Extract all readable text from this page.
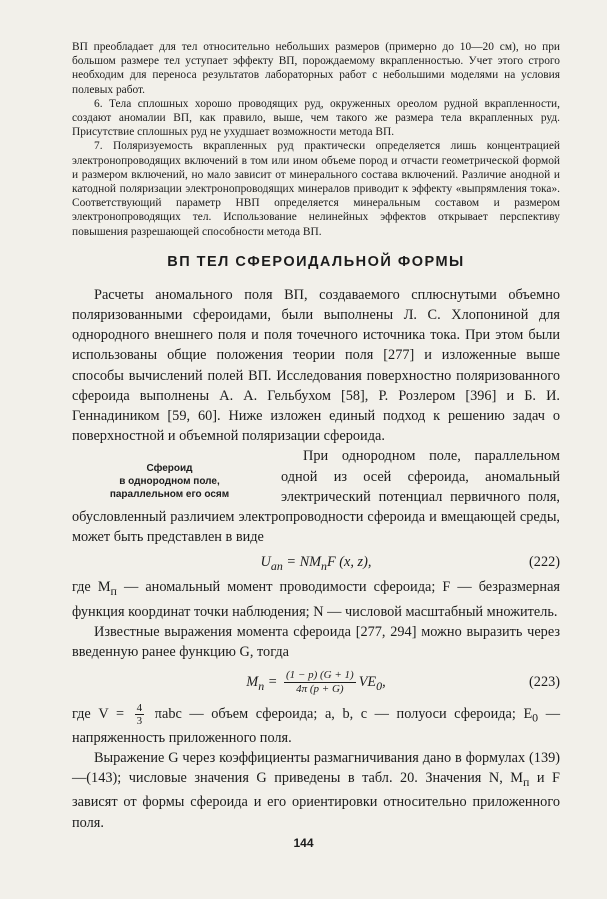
ВП преобладает для тел относительно небольших размеров (примерно до 10—20 см), но при большом размере тел уступает эффекту ВП, порождаемому вкрапленностью. Учет этого строго необходим для переноса результатов лабораторных работ с небольшими моделями на условия полевых работ.

6. Тела сплошных хорошо проводящих руд, окруженных ореолом рудной вкрапленности, создают аномалии ВП, как правило, выше, чем такого же размера тела вкрапленных руд. Присутствие сплошных руд не ухудшает возможности метода ВП.

7. Поляризуемость вкрапленных руд практически определяется лишь концентрацией электронопроводящих включений в том или ином объеме пород и отчасти геометрической формой и размером включений, но мало зависит от минерального состава включений. Различие анодной и катодной поляризации электронопроводящих минералов приводит к эффекту «выпрямления тока». Соответствующий параметр НВП определяется минеральным составом и размером электронопроводящих тел. Использование нелинейных эффектов открывает перспективу повышения разрешающей способности метода ВП.

ВП ТЕЛ СФЕРОИДАЛЬНОЙ ФОРМЫ

Расчеты аномального поля ВП, создаваемого сплюснутыми объемно поляризованными сфероидами, были выполнены Л. С. Хлопониной для однородного внешнего поля и поля точечного источника тока. При этом были использованы общие положения теории поля [277] и изложенные выше способы вычислений полей ВП. Исследования поверхностно поляризованного сфероида выполнены А. А. Гельбухом [58], Р. Розлером [396] и Б. И. Геннадиником [59, 60]. Ниже изложен единый подход к решению задач о поверхностной и объемной поляризации сфероида.

Сфероид
в однородном поле,
параллельном его осям

При однородном поле, параллельном одной из осей сфероида, аномальный электрический потенциал первичного поля, обусловленный различием электропроводности сфероида и вмещающей среды, может быть представлен в виде

$U_{ап} = NM_пF$ (x, z),	(222)

где $M_п$ — аномальный момент проводимости сфероида; F — безразмерная функция координат точки наблюдения; N — числовой масштабный множитель.

Известные выражения момента сфероида [277, 294] можно выразить через введенную ранее функцию G, тогда

$M_п = \frac{(1 - p) (G + 1)}{4\pi (p + G)} VE_0$,	(223)

где $V = \frac{4}{3}$ πabc — объем сфероида; a, b, c — полуоси сфероида; $E_0$ — напряженность приложенного поля.

Выражение G через коэффициенты размагничивания дано в формулах (139)—(143); числовые значения G приведены в табл. 20. Значения N, $M_п$ и F зависят от формы сфероида и его ориентировки относительно приложенного поля.

144
